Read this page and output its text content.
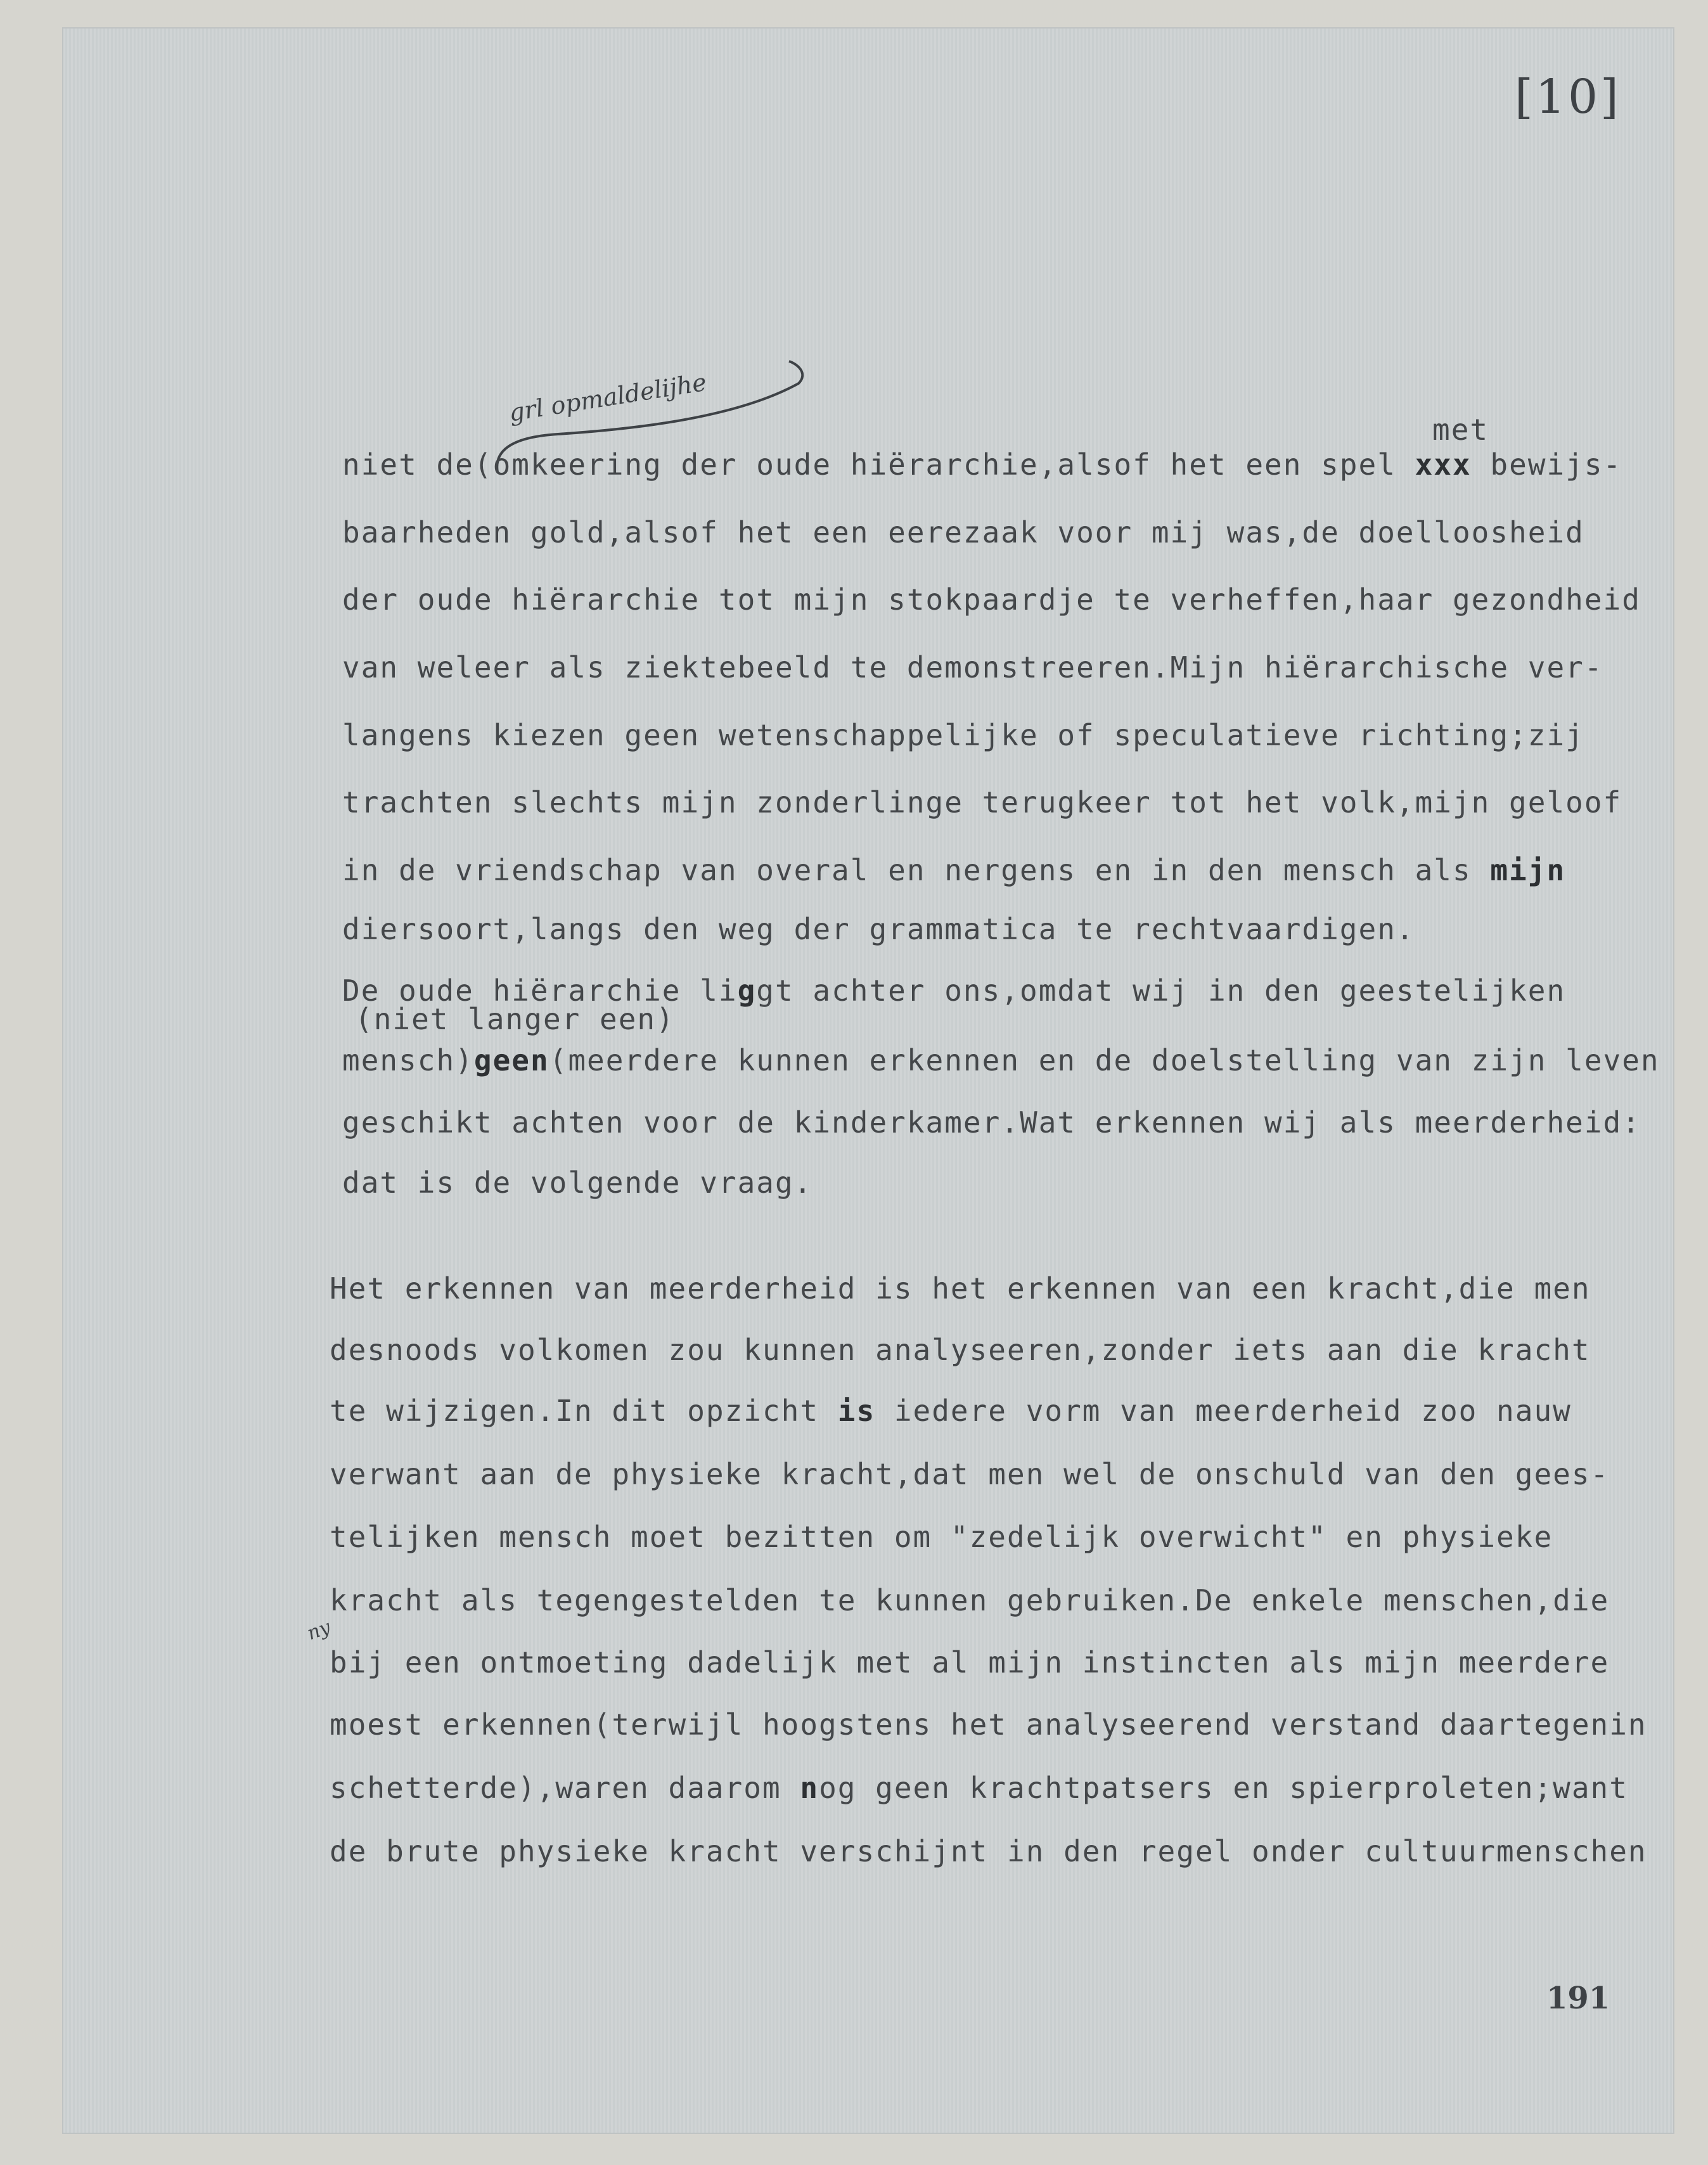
[10]
grl opmaldelijhe
met
niet de(omkeering der oude hiërarchie,alsof het een spel xxx bewijs-
baarheden gold,alsof het een eerezaak voor mij was,de doelloosheid
der oude hiërarchie tot mijn stokpaardje te verheffen,haar gezondheid
van weleer als ziektebeeld te demonstreeren.Mijn hiërarchische ver-
langens kiezen geen wetenschappelijke of speculatieve richting;zij
trachten slechts mijn zonderlinge terugkeer tot het volk,mijn geloof
in de vriendschap van overal en nergens en in den mensch als mijn
diersoort,langs den weg der grammatica te rechtvaardigen.
De oude hiërarchie liggt achter ons,omdat wij in den geestelijken
(niet langer een)
mensch)geen(meerdere kunnen erkennen en de doelstelling van zijn leven
geschikt achten voor de kinderkamer.Wat erkennen wij als meerderheid:
dat is de volgende vraag.
Het erkennen van meerderheid is het erkennen van een kracht,die men
desnoods volkomen zou kunnen analyseeren,zonder iets aan die kracht
te wijzigen.In dit opzicht is iedere vorm van meerderheid zoo nauw
verwant aan de physieke kracht,dat men wel de onschuld van den gees-
telijken mensch moet bezitten om "zedelijk overwicht" en physieke
kracht als tegengestelden te kunnen gebruiken.De enkele menschen,die
ny
bij een ontmoeting dadelijk met al mijn instincten als mijn meerdere
moest erkennen(terwijl hoogstens het analyseerend verstand daartegenin
schetterde),waren daarom nog geen krachtpatsers en spierproleten;want
de brute physieke kracht verschijnt in den regel onder cultuurmenschen
191
